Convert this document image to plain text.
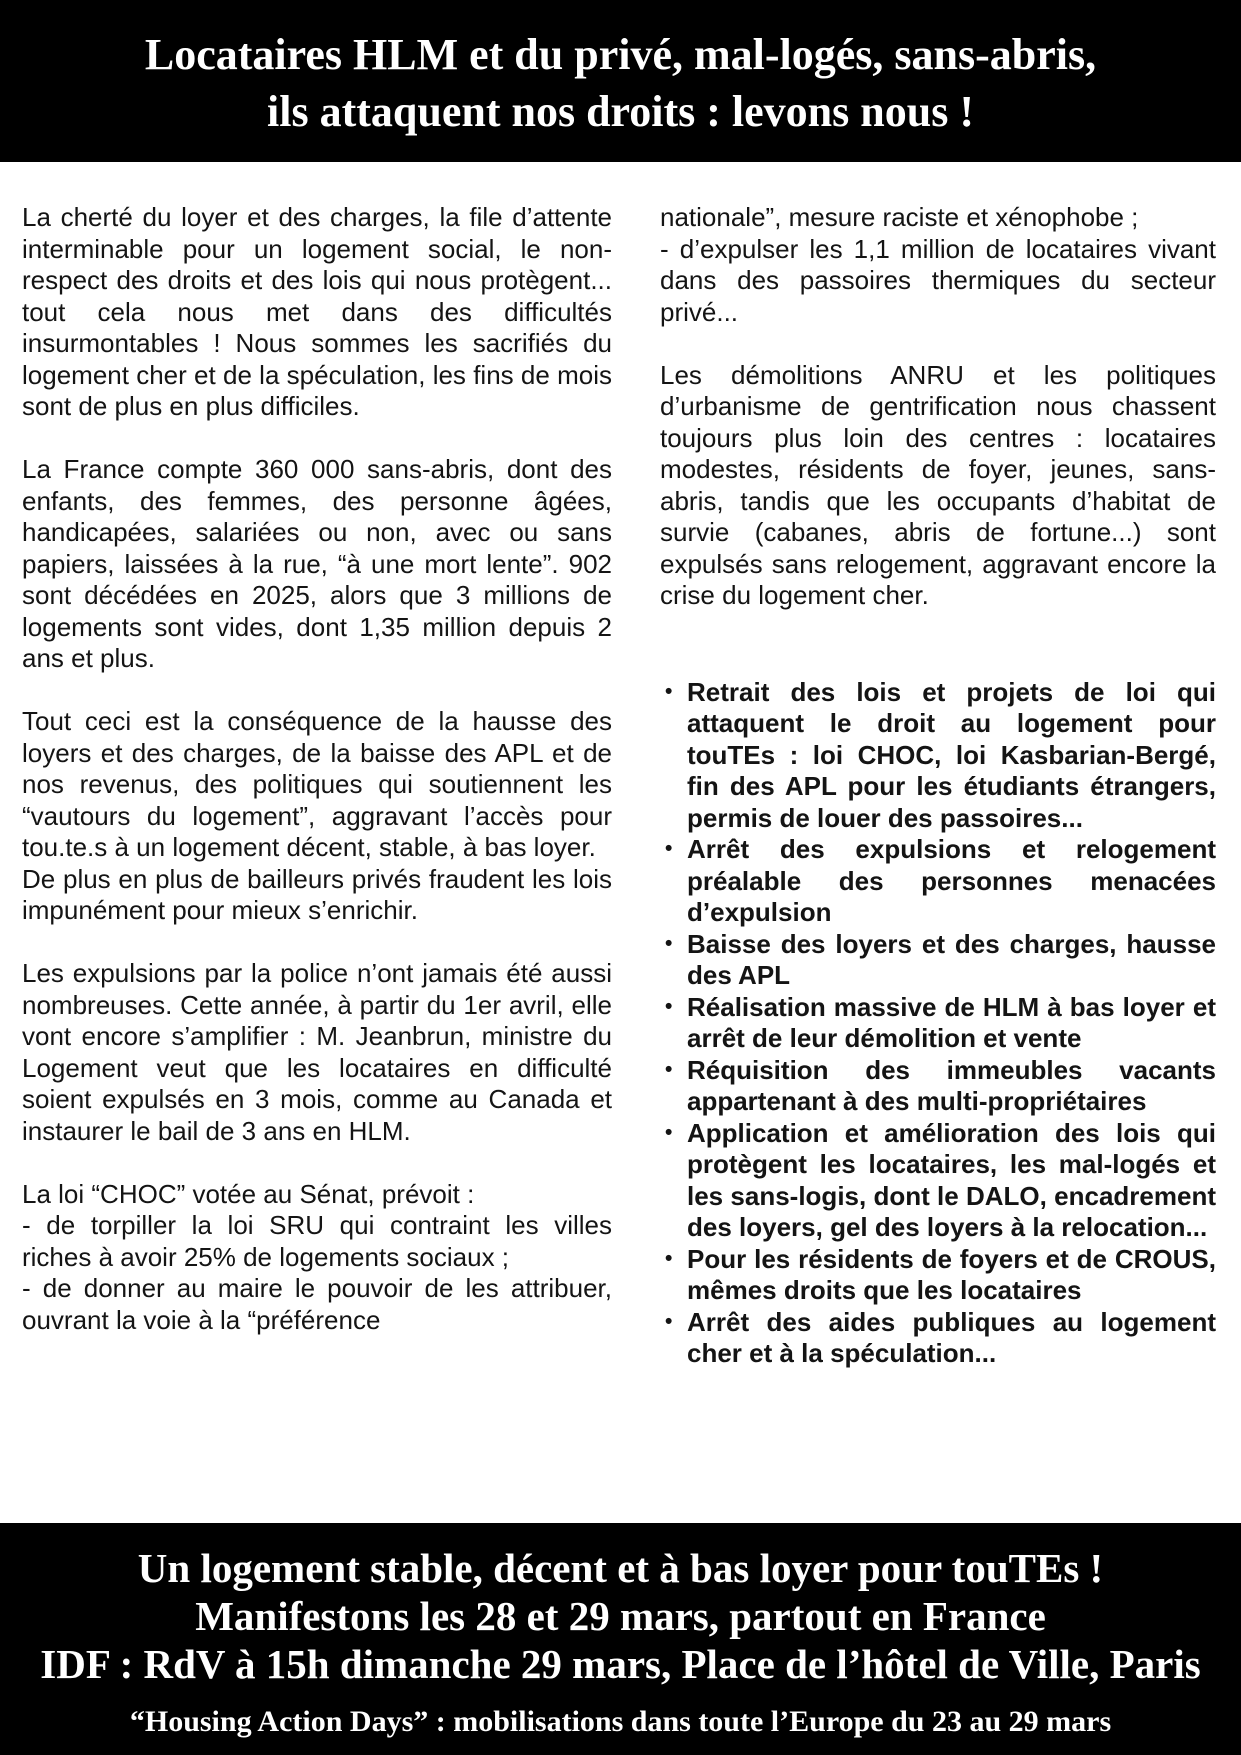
Locataires HLM et du privé, mal-logés, sans-abris,
ils attaquent nos droits : levons nous !

La cherté du loyer et des charges, la file d’attente interminable pour un logement social, le non-respect des droits et des lois qui nous protègent... tout cela nous met dans des difficultés insurmontables ! Nous sommes les sacrifiés du logement cher et de la spéculation, les fins de mois sont de plus en plus difficiles.

La France compte 360 000 sans-abris, dont des enfants, des femmes, des personne âgées, handicapées, salariées ou non, avec ou sans papiers, laissées à la rue, “à une mort lente”. 902 sont décédées en 2025, alors que 3 millions de logements sont vides, dont 1,35 million depuis 2 ans et plus.

Tout ceci est la conséquence de la hausse des loyers et des charges, de la baisse des APL et de nos revenus, des politiques qui soutiennent les “vautours du logement”, aggravant l’accès pour tou.te.s à un logement décent, stable, à bas loyer.

De plus en plus de bailleurs privés fraudent les lois impunément pour mieux s’enrichir.

Les expulsions par la police n’ont jamais été aussi nombreuses. Cette année, à partir du 1er avril, elle vont encore s’amplifier : M. Jeanbrun, ministre du Logement veut que les locataires en difficulté soient expulsés en 3 mois, comme au Canada et instaurer le bail de 3 ans en HLM.

La loi “CHOC” votée au Sénat, prévoit :

- de torpiller la loi SRU qui contraint les villes riches à avoir 25% de logements sociaux ;

- de donner au maire le pouvoir de les attribuer, ouvrant la voie à la “préférence

nationale”, mesure raciste et xénophobe ;

- d’expulser les 1,1 million de locataires vivant dans des passoires thermiques du secteur privé...

Les démolitions ANRU et les politiques d’urbanisme de gentrification nous chassent toujours plus loin des centres : locataires modestes, résidents de foyer, jeunes, sans-abris, tandis que les occupants d’habitat de survie (cabanes, abris de fortune...) sont expulsés sans relogement, aggravant encore la crise du logement cher.

• Retrait des lois et projets de loi qui attaquent le droit au logement pour touTEs : loi CHOC, loi Kasbarian-Bergé, fin des APL pour les étudiants étrangers, permis de louer des passoires...
• Arrêt des expulsions et relogement préalable des personnes menacées d’expulsion
• Baisse des loyers et des charges, hausse des APL
• Réalisation massive de HLM à bas loyer et arrêt de leur démolition et vente
• Réquisition des immeubles vacants appartenant à des multi-propriétaires
• Application et amélioration des lois qui protègent les locataires, les mal-logés et les sans-logis, dont le DALO, encadrement des loyers, gel des loyers à la relocation...
• Pour les résidents de foyers et de CROUS, mêmes droits que les locataires
• Arrêt des aides publiques au logement cher et à la spéculation...
Un logement stable, décent et à bas loyer pour touTEs !
Manifestons les 28 et 29 mars, partout en France
IDF : RdV à 15h dimanche 29 mars, Place de l’hôtel de Ville, Paris
“Housing Action Days” : mobilisations dans toute l’Europe du 23 au 29 mars
